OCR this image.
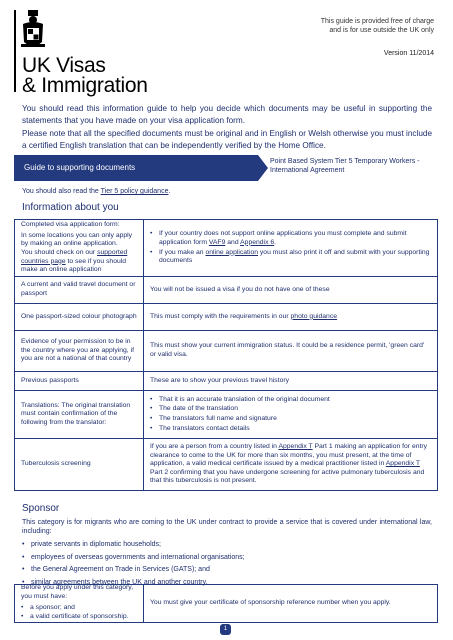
UK Visas
& Immigration
This guide is provided free of charge
and is for use outside the UK only
Version 11/2014
You should read this information guide to help you decide which documents may be useful in supporting the statements that you have made on your visa application form.
Please note that all the specified documents must be original and in English or Welsh otherwise you must include a certified English translation that can be independently verified by the Home Office.
Guide to supporting documents
Point Based System Tier 5 Temporary Workers - International Agreement
You should also read the Tier 5 policy guidance.
Information about you
Completed visa application form:
In some locations you can only apply by making an online application.
You should check on our supported countries page to see if you should make an online application
• If your country does not support online applications you must complete and submit application form VAF9 and Appendix 6.
• If you make an online application you must also print it off and submit with your supporting documents
A current and valid travel document or passport
You will not be issued a visa if you do not have one of these
One passport-sized colour photograph	This must comply with the requirements in our photo guidance
Evidence of your permission to be in the country where you are applying, if you are not a national of that country
This must show your current immigration status. It could be a residence permit, 'green card' or valid visa.
Previous passports	These are to show your previous travel history
Translations: The original translation must contain confirmation of the following from the translator:
• That it is an accurate translation of the original document
• The date of the translation
• The translators full name and signature
• The translators contact details
Tuberculosis screening
If you are a person from a country listed in Appendix T Part 1 making an application for entry clearance to come to the UK for more than six months, you must present, at the time of application, a valid medical certificate issued by a medical practitioner listed in Appendix T Part 2 confirming that you have undergone screening for active pulmonary tuberculosis and that this tuberculosis is not present.
Sponsor
This category is for migrants who are coming to the UK under contract to provide a service that is covered under international law, including:
• private servants in diplomatic households;
• employees of overseas governments and international organisations;
• the General Agreement on Trade in Services (GATS); and
• similar agreements between the UK and another country.
Before you apply under this category, you must have:
• a sponsor; and
• a valid certificate of sponsorship.
You must give your certificate of sponsorship reference number when you apply.
1
